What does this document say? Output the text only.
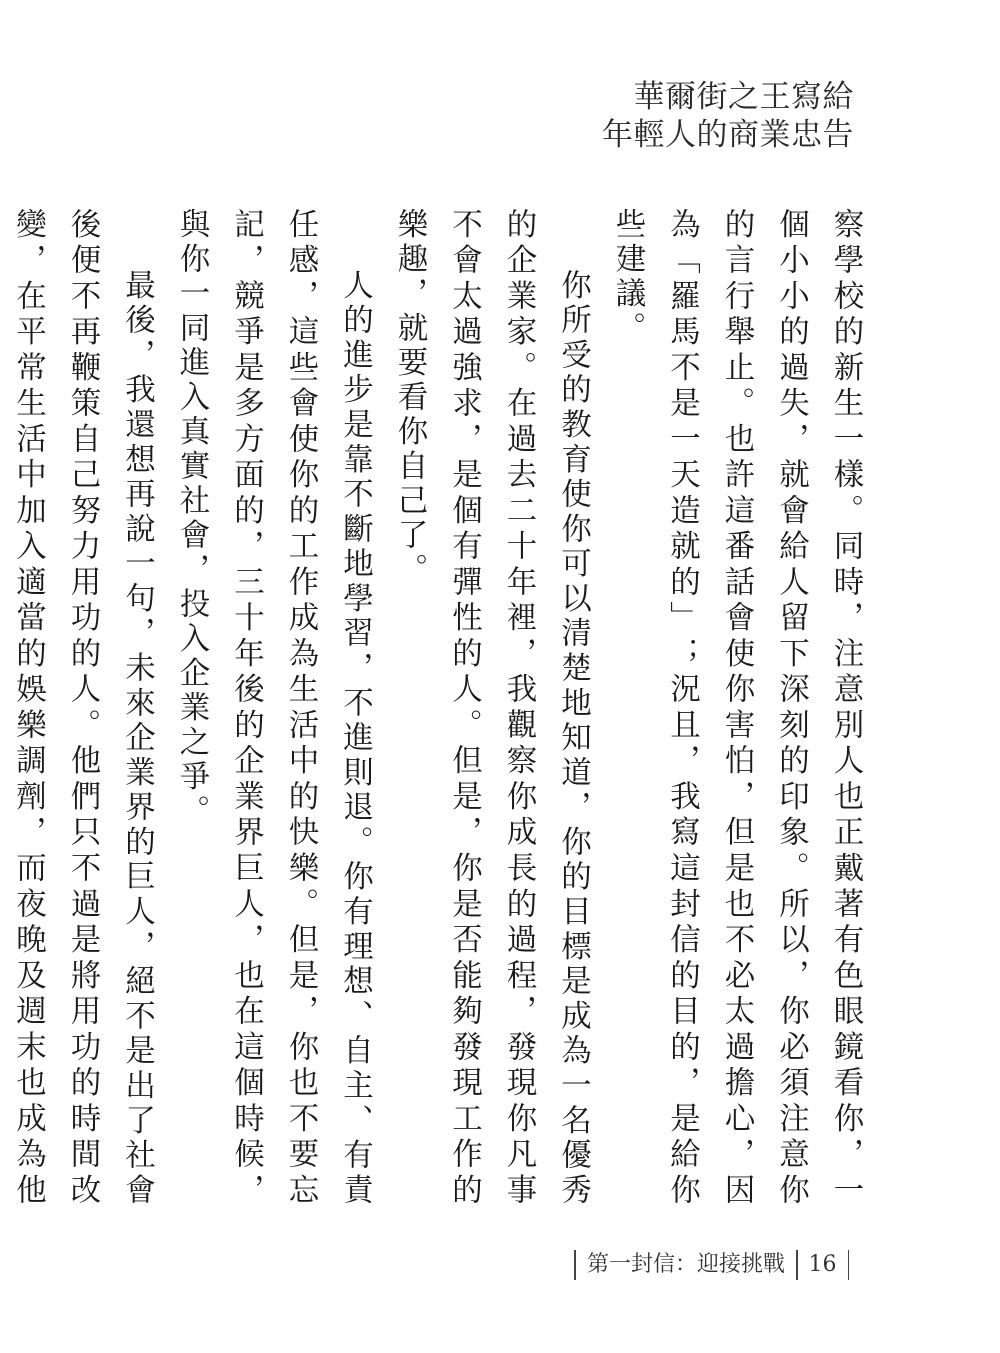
華爾街之王寫給
年輕人的商業忠告

察學校的新生一樣。同時，注意別人也正戴著有色眼鏡看你，一個小小的過失，就會給人留下深刻的印象。所以，你必須注意你的言行舉止。也許這番話會使你害怕，但是也不必太過擔心，因為「羅馬不是一天造就的」；況且，我寫這封信的目的，是給你些建議。

你所受的教育使你可以清楚地知道，你的目標是成為一名優秀的企業家。在過去二十年裡，我觀察你成長的過程，發現你凡事不會太過強求，是個有彈性的人。但是，你是否能夠發現工作的樂趣，就要看你自己了。

人的進步是靠不斷地學習，不進則退。你有理想、自主、有責任感，這些會使你的工作成為生活中的快樂。但是，你也不要忘記，競爭是多方面的，三十年後的企業界巨人，也在這個時候，與你一同進入真實社會，投入企業之爭。

最後，我還想再說一句，未來企業界的巨人，絕不是出了社會後便不再鞭策自己努力用功的人。他們只不過是將用功的時間改變，在平常生活中加入適當的娛樂調劑，而夜晚及週末也成為他

第一封信：迎接挑戰 16
